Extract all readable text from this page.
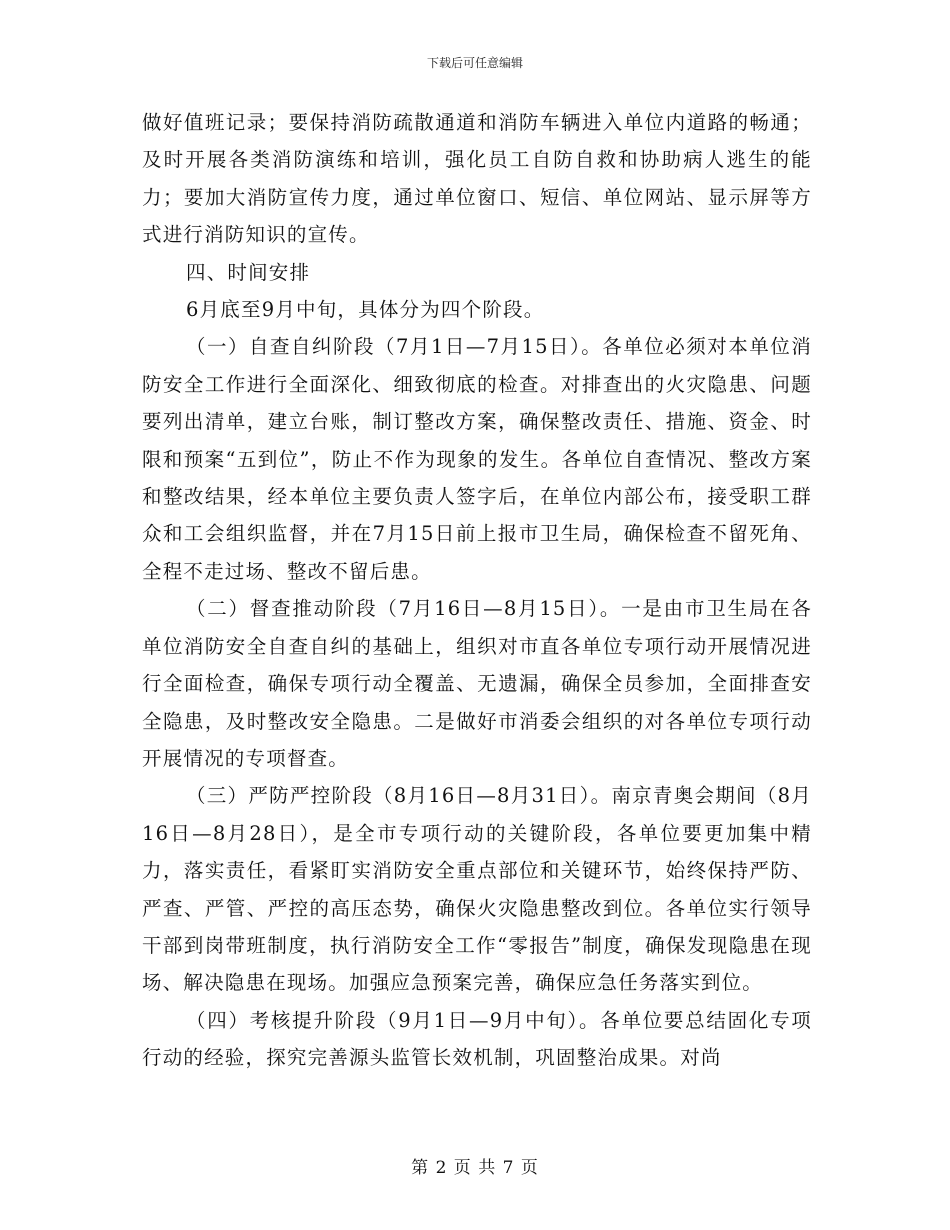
下载后可任意编辑

做好值班记录；要保持消防疏散通道和消防车辆进入单位内道路的畅通；及时开展各类消防演练和培训，强化员工自防自救和协助病人逃生的能力；要加大消防宣传力度，通过单位窗口、短信、单位网站、显示屏等方式进行消防知识的宣传。

四、时间安排

6月底至9月中旬，具体分为四个阶段。

（一）自查自纠阶段（7月1日—7月15日）。各单位必须对本单位消防安全工作进行全面深化、细致彻底的检查。对排查出的火灾隐患、问题要列出清单，建立台账，制订整改方案，确保整改责任、措施、资金、时限和预案“五到位”，防止不作为现象的发生。各单位自查情况、整改方案和整改结果，经本单位主要负责人签字后，在单位内部公布，接受职工群众和工会组织监督，并在7月15日前上报市卫生局，确保检查不留死角、全程不走过场、整改不留后患。

（二）督查推动阶段（7月16日—8月15日）。一是由市卫生局在各单位消防安全自查自纠的基础上，组织对市直各单位专项行动开展情况进行全面检查，确保专项行动全覆盖、无遗漏，确保全员参加，全面排查安全隐患，及时整改安全隐患。二是做好市消委会组织的对各单位专项行动开展情况的专项督查。

（三）严防严控阶段（8月16日—8月31日）。南京青奥会期间（8月16日—8月28日），是全市专项行动的关键阶段，各单位要更加集中精力，落实责任，看紧盯实消防安全重点部位和关键环节，始终保持严防、严查、严管、严控的高压态势，确保火灾隐患整改到位。各单位实行领导干部到岗带班制度，执行消防安全工作“零报告”制度，确保发现隐患在现场、解决隐患在现场。加强应急预案完善，确保应急任务落实到位。

（四）考核提升阶段（9月1日—9月中旬）。各单位要总结固化专项行动的经验，探究完善源头监管长效机制，巩固整治成果。对尚

第 2 页 共 7 页
